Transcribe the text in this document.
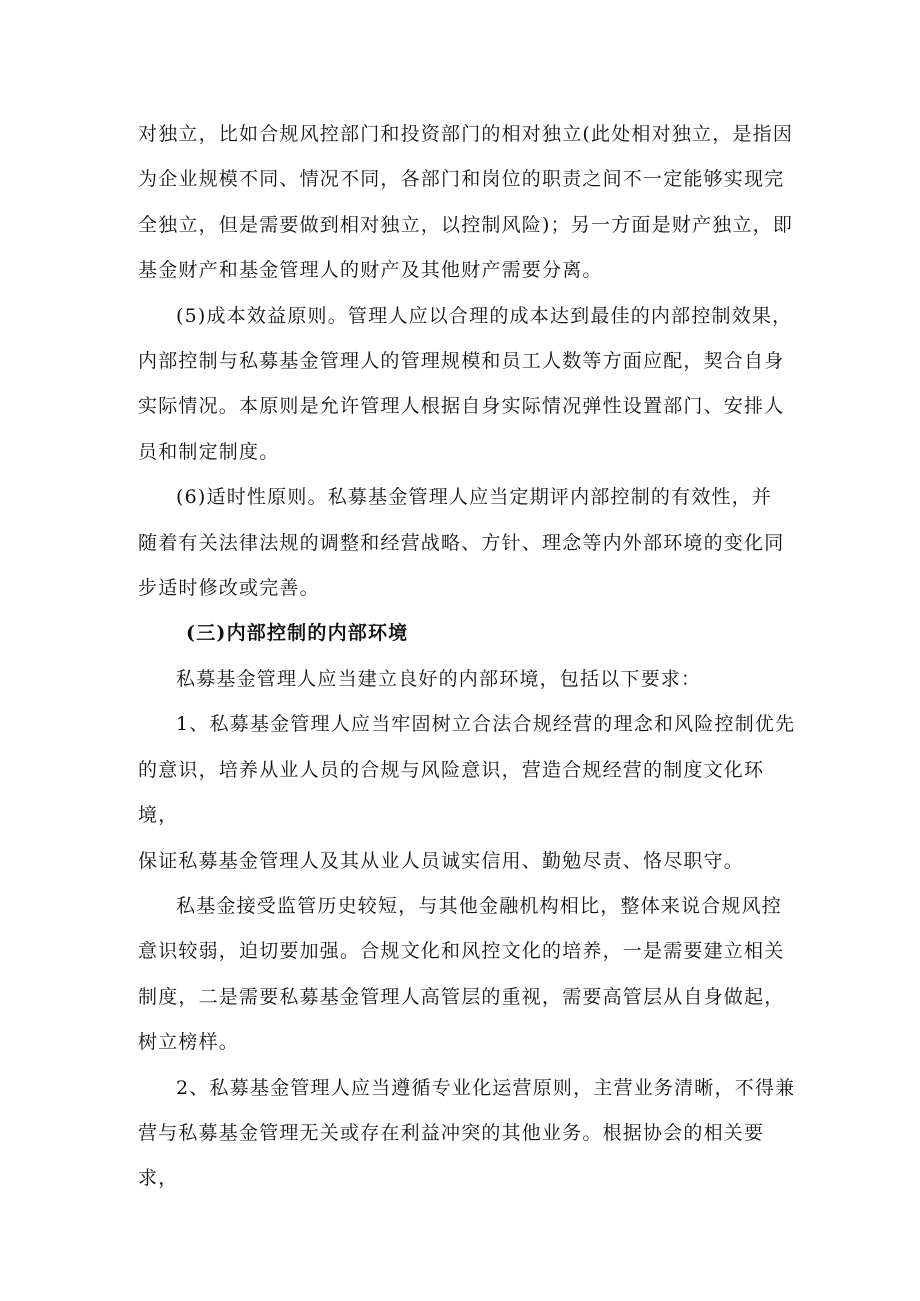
对独立，比如合规风控部门和投资部门的相对独立(此处相对独立，是指因

为企业规模不同、情况不同，各部门和岗位的职责之间不一定能够实现完

全独立，但是需要做到相对独立，以控制风险)；另一方面是财产独立，即

基金财产和基金管理人的财产及其他财产需要分离。

(5)成本效益原则。管理人应以合理的成本达到最佳的内部控制效果，

内部控制与私募基金管理人的管理规模和员工人数等方面应配，契合自身

实际情况。本原则是允许管理人根据自身实际情况弹性设置部门、安排人

员和制定制度。

(6)适时性原则。私募基金管理人应当定期评内部控制的有效性，并

随着有关法律法规的调整和经营战略、方针、理念等内外部环境的变化同

步适时修改或完善。

(三)内部控制的内部环境

私募基金管理人应当建立良好的内部环境，包括以下要求：

1、私募基金管理人应当牢固树立合法合规经营的理念和风险控制优先

的意识，培养从业人员的合规与风险意识，营造合规经营的制度文化环境，

保证私募基金管理人及其从业人员诚实信用、勤勉尽责、恪尽职守。

私基金接受监管历史较短，与其他金融机构相比，整体来说合规风控

意识较弱，迫切要加强。合规文化和风控文化的培养，一是需要建立相关

制度，二是需要私募基金管理人高管层的重视，需要高管层从自身做起，

树立榜样。

2、私募基金管理人应当遵循专业化运营原则，主营业务清晰，不得兼

营与私募基金管理无关或存在利益冲突的其他业务。根据协会的相关要求，
